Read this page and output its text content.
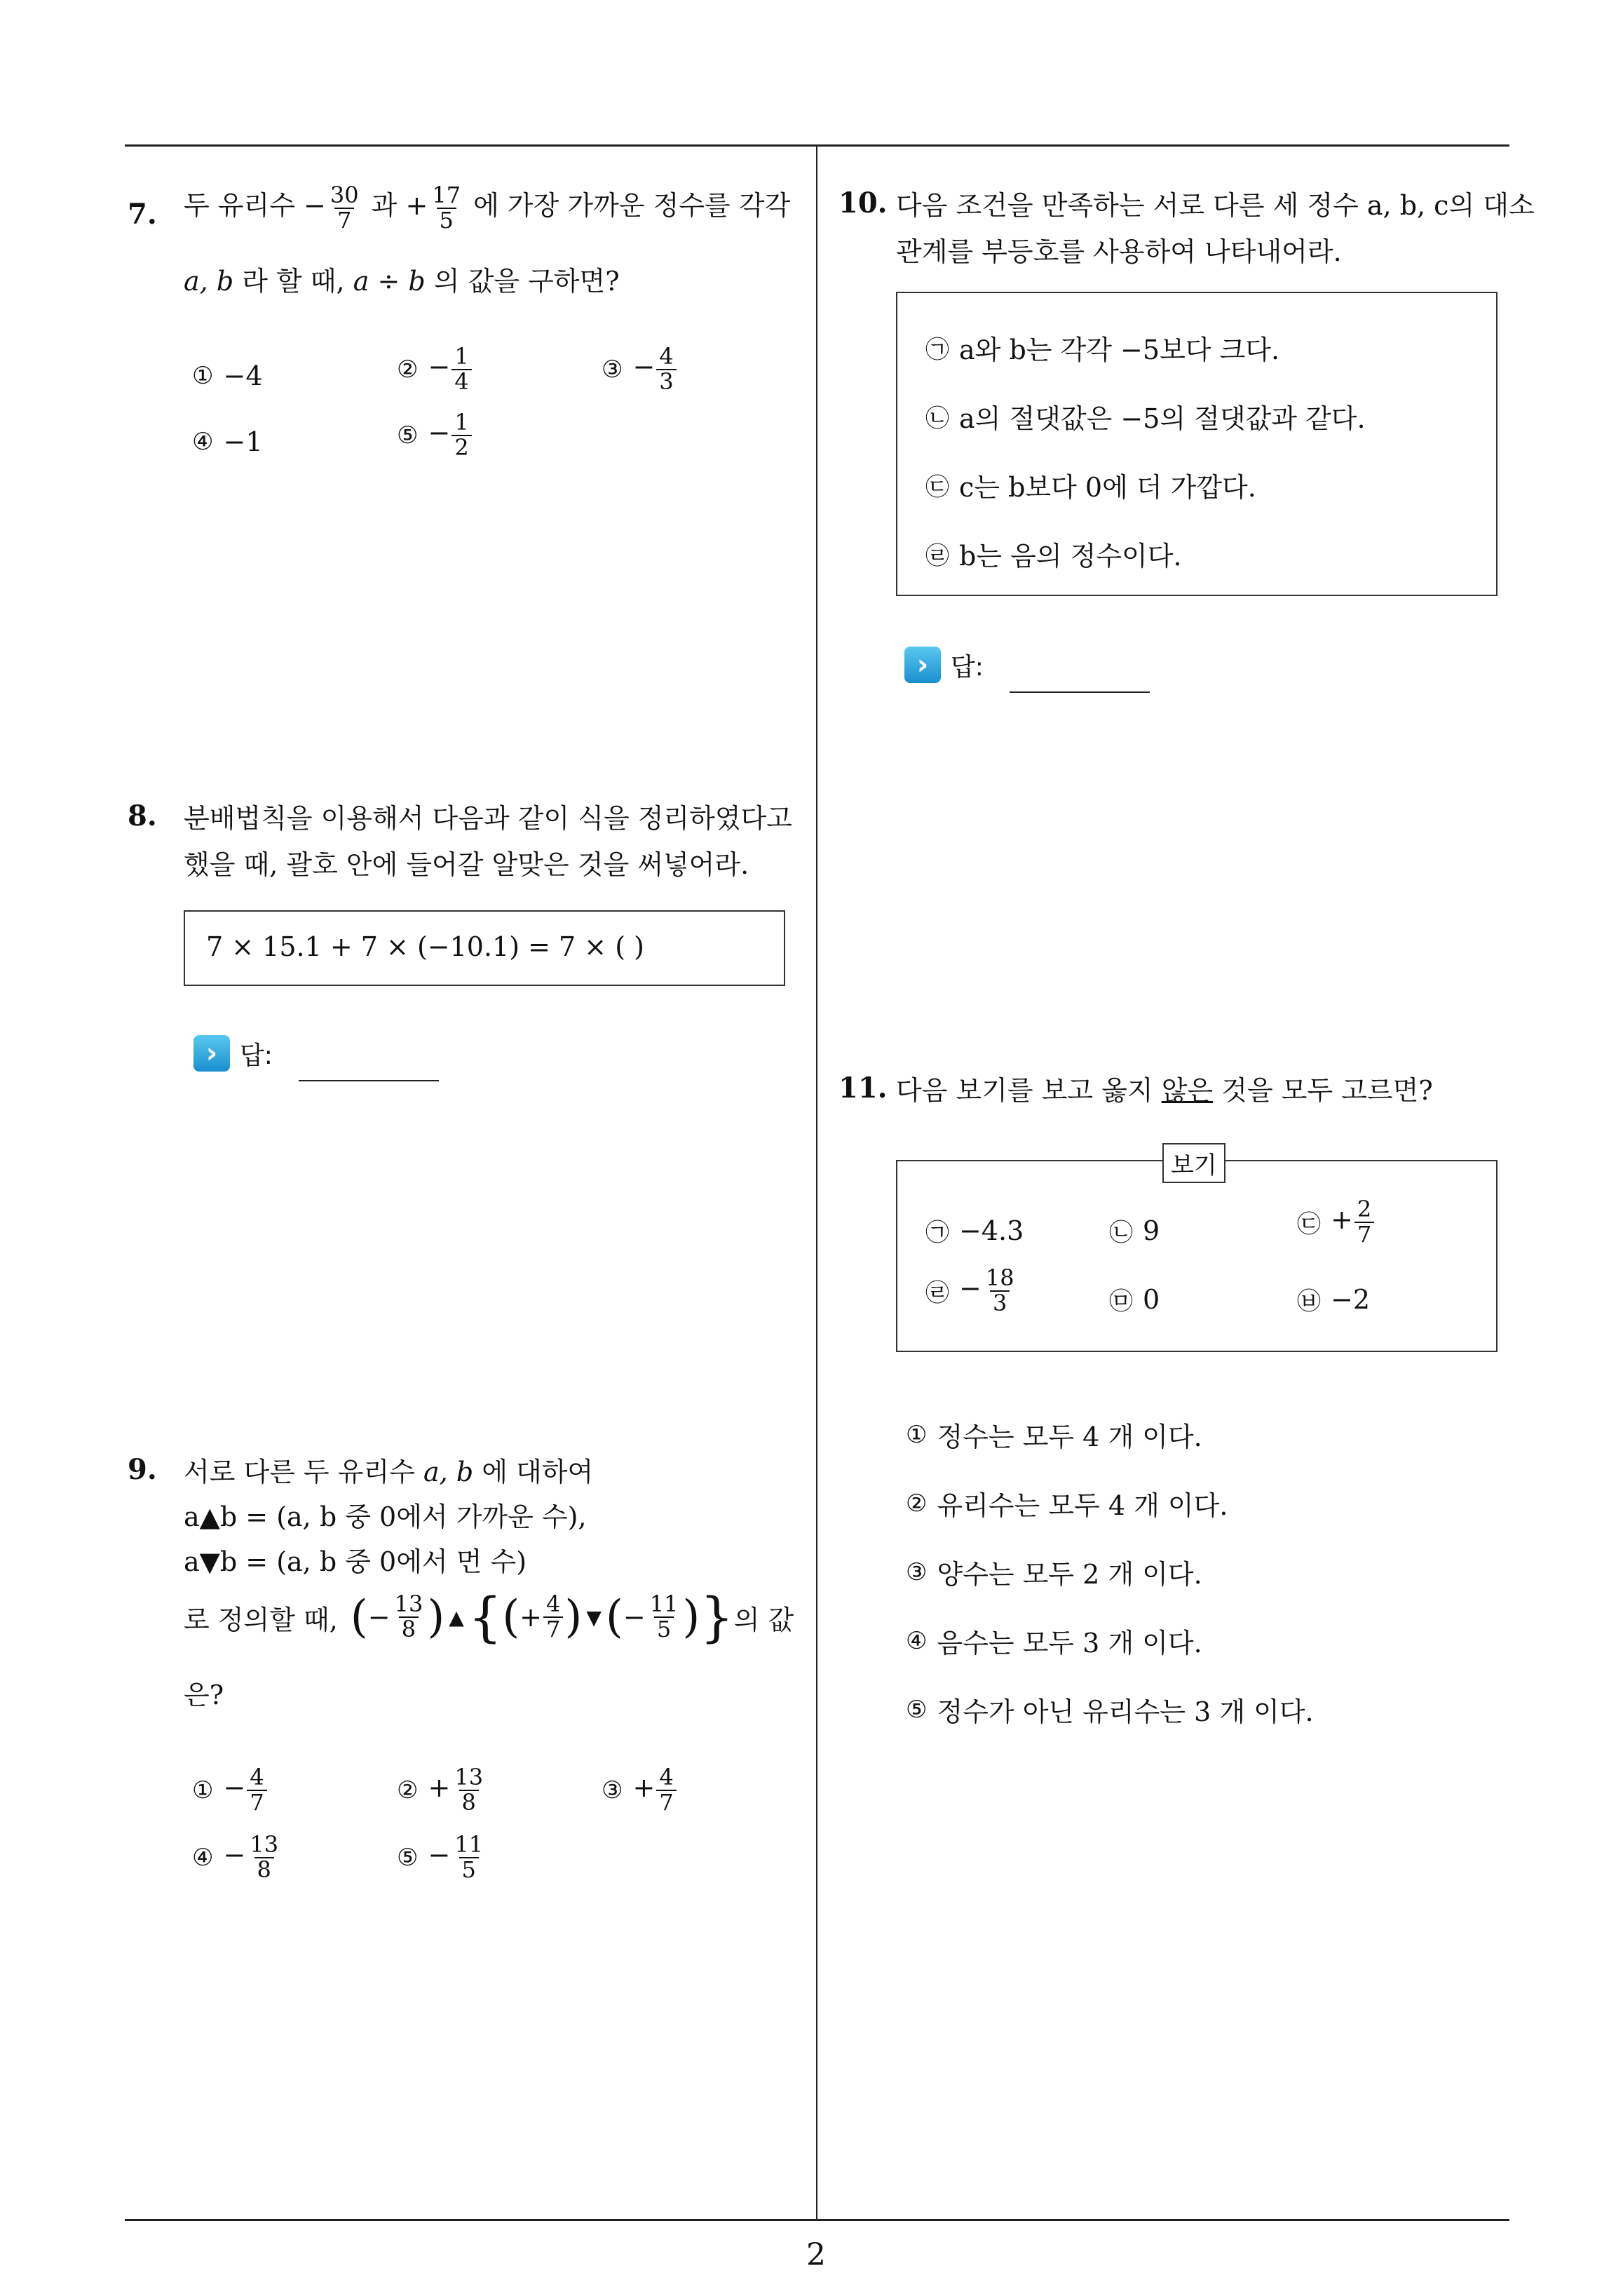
7. 두 유리수 − $\frac{30}{7}$ 과 + $\frac{17}{5}$ 에 가장 가까운 정수를 각각
a, b 라 할 때, a ÷ b 의 값을 구하면?
① −4	② − $\frac{1}{4}$	③ − $\frac{4}{3}$
④ −1	⑤ − $\frac{1}{2}$
8. 분배법칙을 이용해서 다음과 같이 식을 정리하였다고
했을 때, 괄호 안에 들어갈 알맞은 것을 써넣어라.
7 × 15.1 + 7 × (−10.1) = 7 × ( )
› 답:
9. 서로 다른 두 유리수 a, b 에 대하여
a▲b = (a, b 중 0에서 가까운 수),
a▼b = (a, b 중 0에서 먼 수)
로 정의할 때, ( − $\frac{13}{8}$ ) ▲ { ( + $\frac{4}{7}$ ) ▼ ( − $\frac{11}{5}$ ) } 의 값
은?
① − $\frac{4}{7}$	② + $\frac{13}{8}$	③ + $\frac{4}{7}$
④ − $\frac{13}{8}$	⑤ − $\frac{11}{5}$
10. 다음 조건을 만족하는 서로 다른 세 정수 a, b, c의 대소
관계를 부등호를 사용하여 나타내어라.
㉠ a와 b는 각각 −5보다 크다.
㉡ a의 절댓값은 −5의 절댓값과 같다.
㉢ c는 b보다 0에 더 가깝다.
㉣ b는 음의 정수이다.
› 답:
11. 다음 보기를 보고 옳지 않은 것을 모두 고르면?
㉠ −4.3	㉡ 9	㉢ + $\frac{2}{7}$
㉣ − $\frac{18}{3}$	㉤ 0	㉥ −2
보기
① 정수는 모두 4 개 이다.
② 유리수는 모두 4 개 이다.
③ 양수는 모두 2 개 이다.
④ 음수는 모두 3 개 이다.
⑤ 정수가 아닌 유리수는 3 개 이다.
2
